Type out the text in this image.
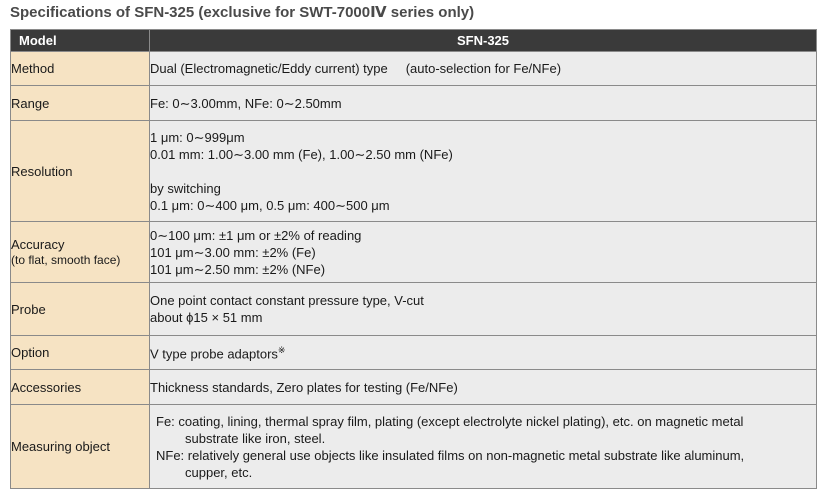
Specifications of SFN-325 (exclusive for SWT-7000Ⅳ series only)
Model	SFN-325
Method	Dual (Electromagnetic/Eddy current) type (auto-selection for Fe/NFe)
Range	Fe: 0∼3.00mm, NFe: 0∼2.50mm
Resolution	1 μm: 0∼999μm
0.01 mm: 1.00∼3.00 mm (Fe), 1.00∼2.50 mm (NFe)
by switching
0.1 μm: 0∼400 μm, 0.5 μm: 400∼500 μm

Accuracy
(to flat, smooth face)	0∼100 μm: ±1 μm or ±2% of reading
101 μm∼3.00 mm: ±2% (Fe)
101 μm∼2.50 mm: ±2% (NFe)

Probe	One point contact constant pressure type, V-cut
about ϕ15 × 51 mm

Option	V type probe adaptors※
Accessories	Thickness standards, Zero plates for testing (Fe/NFe)
Measuring object	Fe: coating, lining, thermal spray film, plating (except electrolyte nickel plating), etc. on magnetic metal
substrate like iron, steel.
NFe: relatively general use objects like insulated films on non-magnetic metal substrate like aluminum,
cupper, etc.
